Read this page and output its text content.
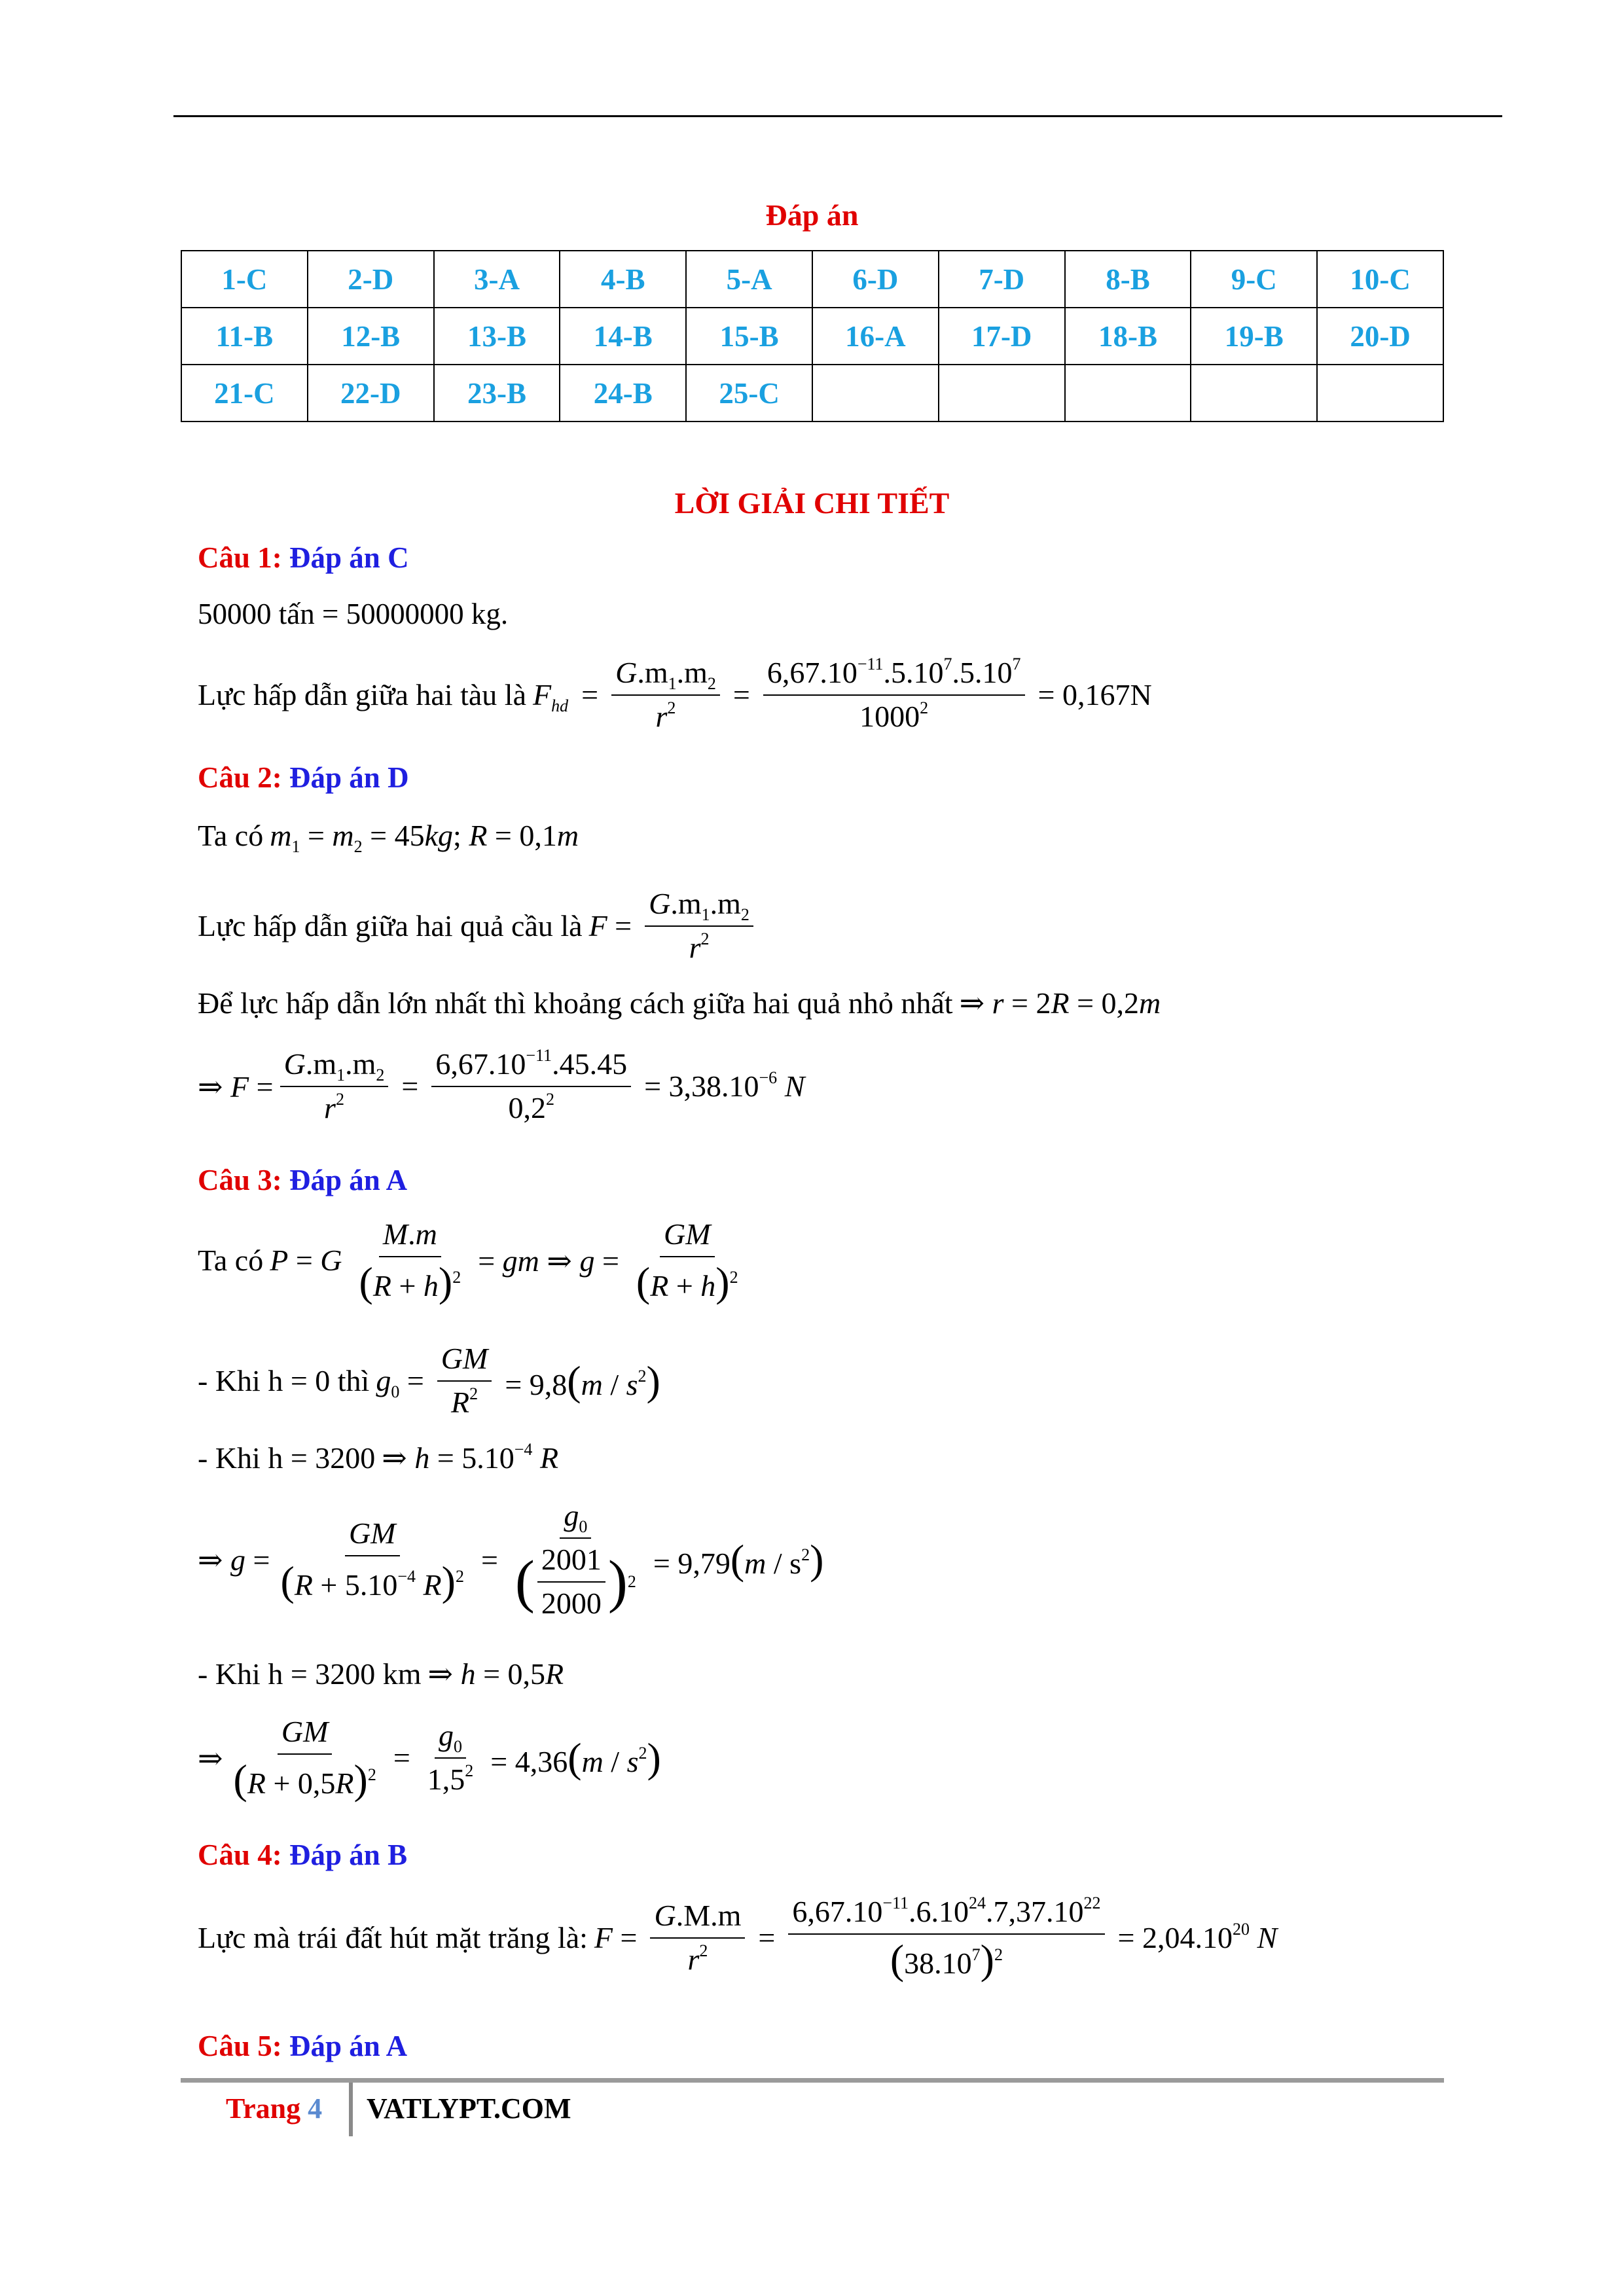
Đáp án
1-C	2-D	3-A	4-B	5-A	6-D	7-D	8-B	9-C	10-C
11-B	12-B	13-B	14-B	15-B	16-A	17-D	18-B	19-B	20-D
21-C	22-D	23-B	24-B	25-C					
LỜI GIẢI CHI TIẾT
Câu 1: Đáp án C
50000 tấn = 50000000 kg.
Lực hấp dẫn giữa hai tàu là $F_{hd} = \frac{G.m_1.m_2}{r^2} = \frac{6,67.10^{-11}.5.10^7.5.10^7}{1000^2} = 0,167N$
Câu 2: Đáp án D
Ta có $m_1 = m_2 = 45kg$; R = 0,1m
Lực hấp dẫn giữa hai quả cầu là $F = \frac{G.m_1.m_2}{r^2}$
Để lực hấp dẫn lớn nhất thì khoảng cách giữa hai quả nhỏ nhất ⇒ r = 2R = 0,2m
⇒ $F = \frac{G.m_1.m_2}{r^2} = \frac{6,67.10^{-11}.45.45}{0,2^2} = 3,38.10^{-6}$ N
Câu 3: Đáp án A
Ta có P = G $\frac{M.m}{(R + h)^2}$ = gm ⇒ $g = \frac{GM}{(R + h)^2}$
- Khi h = 0 thì $g_0 = \frac{GM}{R^2} = 9,8(m / s^2)$
- Khi h = 3200 ⇒ $h = 5.10^{-4}$ R
⇒ $g = \frac{GM}{(R + 5.10^{-4} R)^2} = \frac{g_0}{( \frac{2001}{2000} ) 2} = 9,79(m / s^2)$
- Khi h = 3200 km ⇒ h = 0,5R
⇒ $\frac{GM}{(R + 0,5R)^2} = \frac{g_0}{1,5^2} = 4,36(m / s^2)$
Câu 4: Đáp án B
Lực mà trái đất hút mặt trăng là: $F = \frac{G.M.m}{r^2} = \frac{6,67.10^{-11}.6.10^{24}.7,37.10^{22}}{(38.10^7)^2} = 2,04.10^{20}$ N
Câu 5: Đáp án A
Trang 4 VATLYPT.COM
